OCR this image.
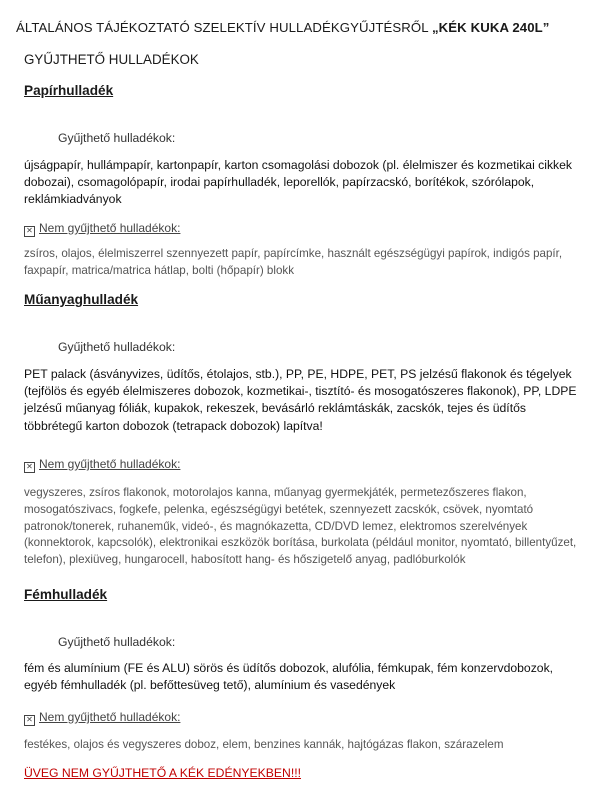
ÁLTALÁNOS TÁJÉKOZTATÓ SZELEKTÍV HULLADÉKGYŰJTÉSRŐL „KÉK KUKA 240L”
GYŰJTHETŐ HULLADÉKOK
Papírhulladék
Gyűjthető hulladékok:
újságpapír, hullámpapír, kartonpapír, karton csomagolási dobozok (pl. élelmiszer és kozmetikai cikkek dobozai), csomagolópapír, irodai papírhulladék, leporellók, papírzacskó, borítékok, szórólapok, reklámkiadványok
✕ Nem gyűjthető hulladékok:
zsíros, olajos, élelmiszerrel szennyezett papír, papírcímke, használt egészségügyi papírok, indigós papír, faxpapír, matrica/matrica hátlap, bolti (hőpapír) blokk
Műanyaghulladék
Gyűjthető hulladékok:
PET palack (ásványvizes, üdítős, étolajos, stb.), PP, PE, HDPE, PET, PS jelzésű flakonok és tégelyek (tejfölös és egyéb élelmiszeres dobozok, kozmetikai-, tisztító- és mosogatószeres flakonok), PP, LDPE jelzésű műanyag fóliák, kupakok, rekeszek, bevásárló reklámtáskák, zacskók, tejes és üdítős többrétegű karton dobozok (tetrapack dobozok) lapítva!
✕ Nem gyűjthető hulladékok:
vegyszeres, zsíros flakonok, motorolajos kanna, műanyag gyermekjáték, permetezőszeres flakon, mosogatószivacs, fogkefe, pelenka, egészségügyi betétek, szennyezett zacskók, csövek, nyomtató patronok/tonerek, ruhaneműk, videó-, és magnókazetta, CD/DVD lemez, elektromos szerelvények (konnektorok, kapcsolók), elektronikai eszközök borítása, burkolata (például monitor, nyomtató, billentyűzet, telefon), plexiüveg, hungarocell, habosított hang- és hőszigetelő anyag, padlóburkolók
Fémhulladék
Gyűjthető hulladékok:
fém és alumínium (FE és ALU) sörös és üdítős dobozok, alufólia, fémkupak, fém konzervdobozok, egyéb fémhulladék (pl. befőttesüveg tető), alumínium és vasedények
✕ Nem gyűjthető hulladékok:
festékes, olajos és vegyszeres doboz, elem, benzines kannák, hajtógázas flakon, szárazelem
ÜVEG NEM GYŰJTHETŐ A KÉK EDÉNYEKBEN!!!
